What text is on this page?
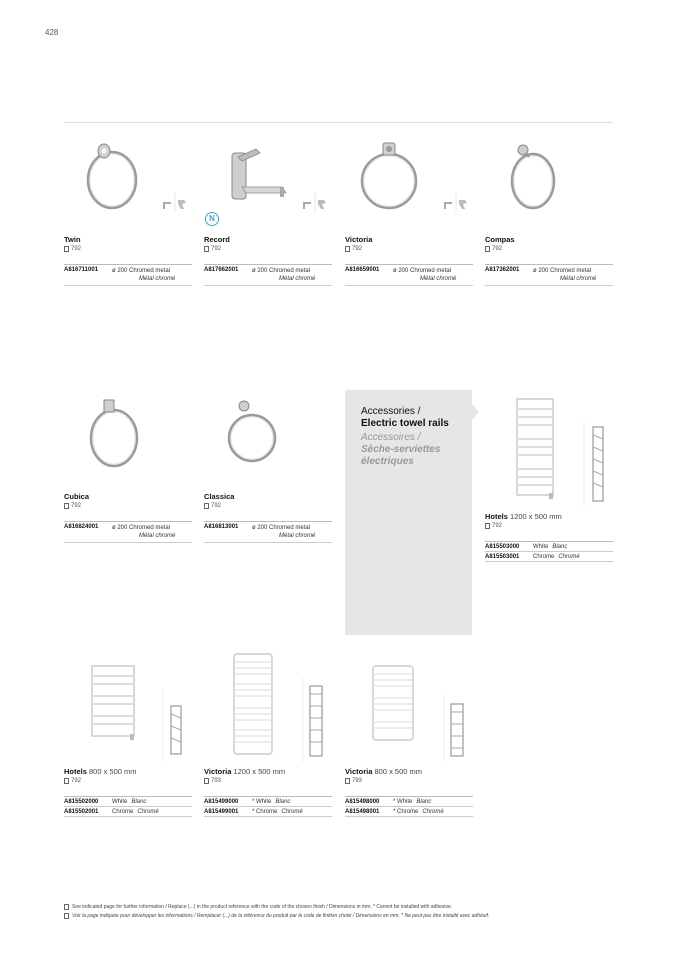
428
Twin
792
A816711001	ø 200 Chromed metal
Métal chromé
N
Record
792
A817662001	ø 200 Chromed metal
Métal chromé
Victoria
792
A816659001	ø 200 Chromed metal
Métal chromé
Compas
792
A817362001	ø 200 Chromed metal
Métal chromé
Cubica
792
A816824001	ø 200 Chromed metal
Métal chromé
Classica
792
A816813001	ø 200 Chromed metal
Métal chromé
Accessories /
Electric towel rails
Accessoires /
Sèche-serviettes
électriques
Hotels 1200 x 500 mm
792
A815503000	White Blanc
A815503001	Chrome Chromé
Hotels 800 x 500 mm
792
A815502000	White Blanc
A815502001	Chrome Chromé
Victoria 1200 x 500 mm
793
A815499000	* White Blanc
A815499001	* Chrome Chromé
Victoria 800 x 500 mm
793
A815498000	* White Blanc
A815498001	* Chrome Chromé
See indicated page for further information / Replace (...) in the product reference with the code of the chosen finish / Dimensions in mm. * Cannot be installed with adhesive.
Voir la page indiquée pour développer les informations / Remplacer (...) de la référence du produit par le code de finition choisi / Dimensions en mm. * Ne peut pas être installé avec adhésif.
